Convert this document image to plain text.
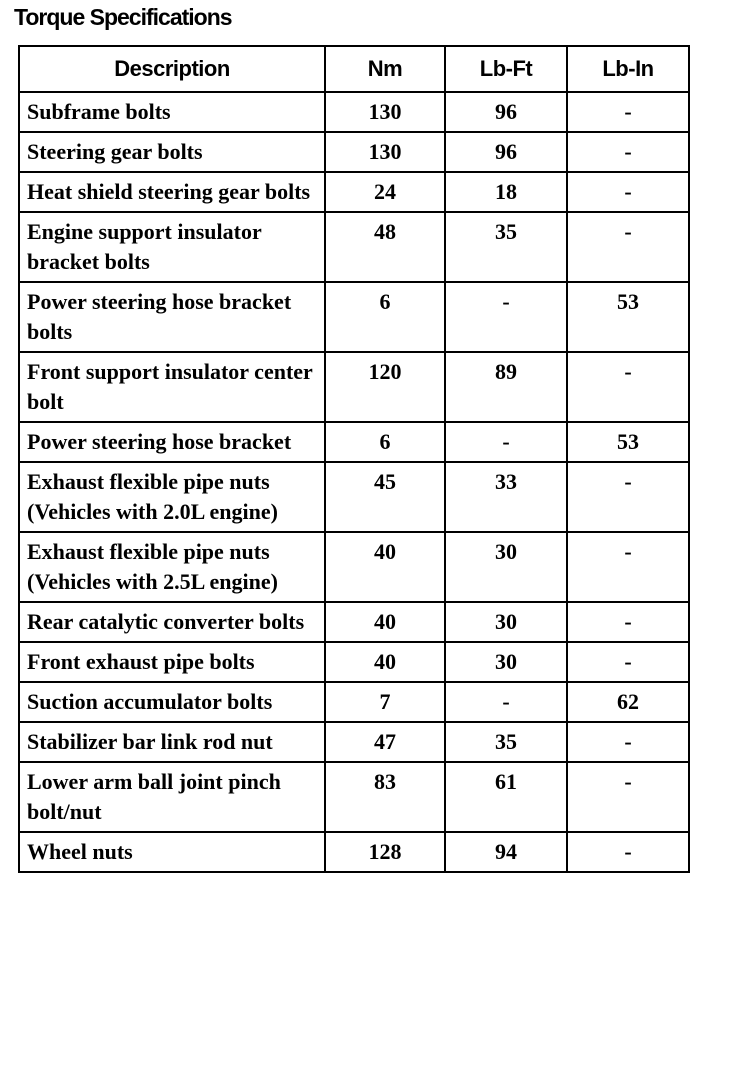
Torque Specifications
Description	Nm	Lb-Ft	Lb-In
Subframe bolts	130	96	-
Steering gear bolts	130	96	-
Heat shield steering gear bolts	24	18	-
Engine support insulator bracket bolts	48	35	-
Power steering hose bracket bolts	6	-	53
Front support insulator center bolt	120	89	-
Power steering hose bracket	6	-	53
Exhaust flexible pipe nuts (Vehicles with 2.0L engine)	45	33	-
Exhaust flexible pipe nuts (Vehicles with 2.5L engine)	40	30	-
Rear catalytic converter bolts	40	30	-
Front exhaust pipe bolts	40	30	-
Suction accumulator bolts	7	-	62
Stabilizer bar link rod nut	47	35	-
Lower arm ball joint pinch bolt/nut	83	61	-
Wheel nuts	128	94	-
